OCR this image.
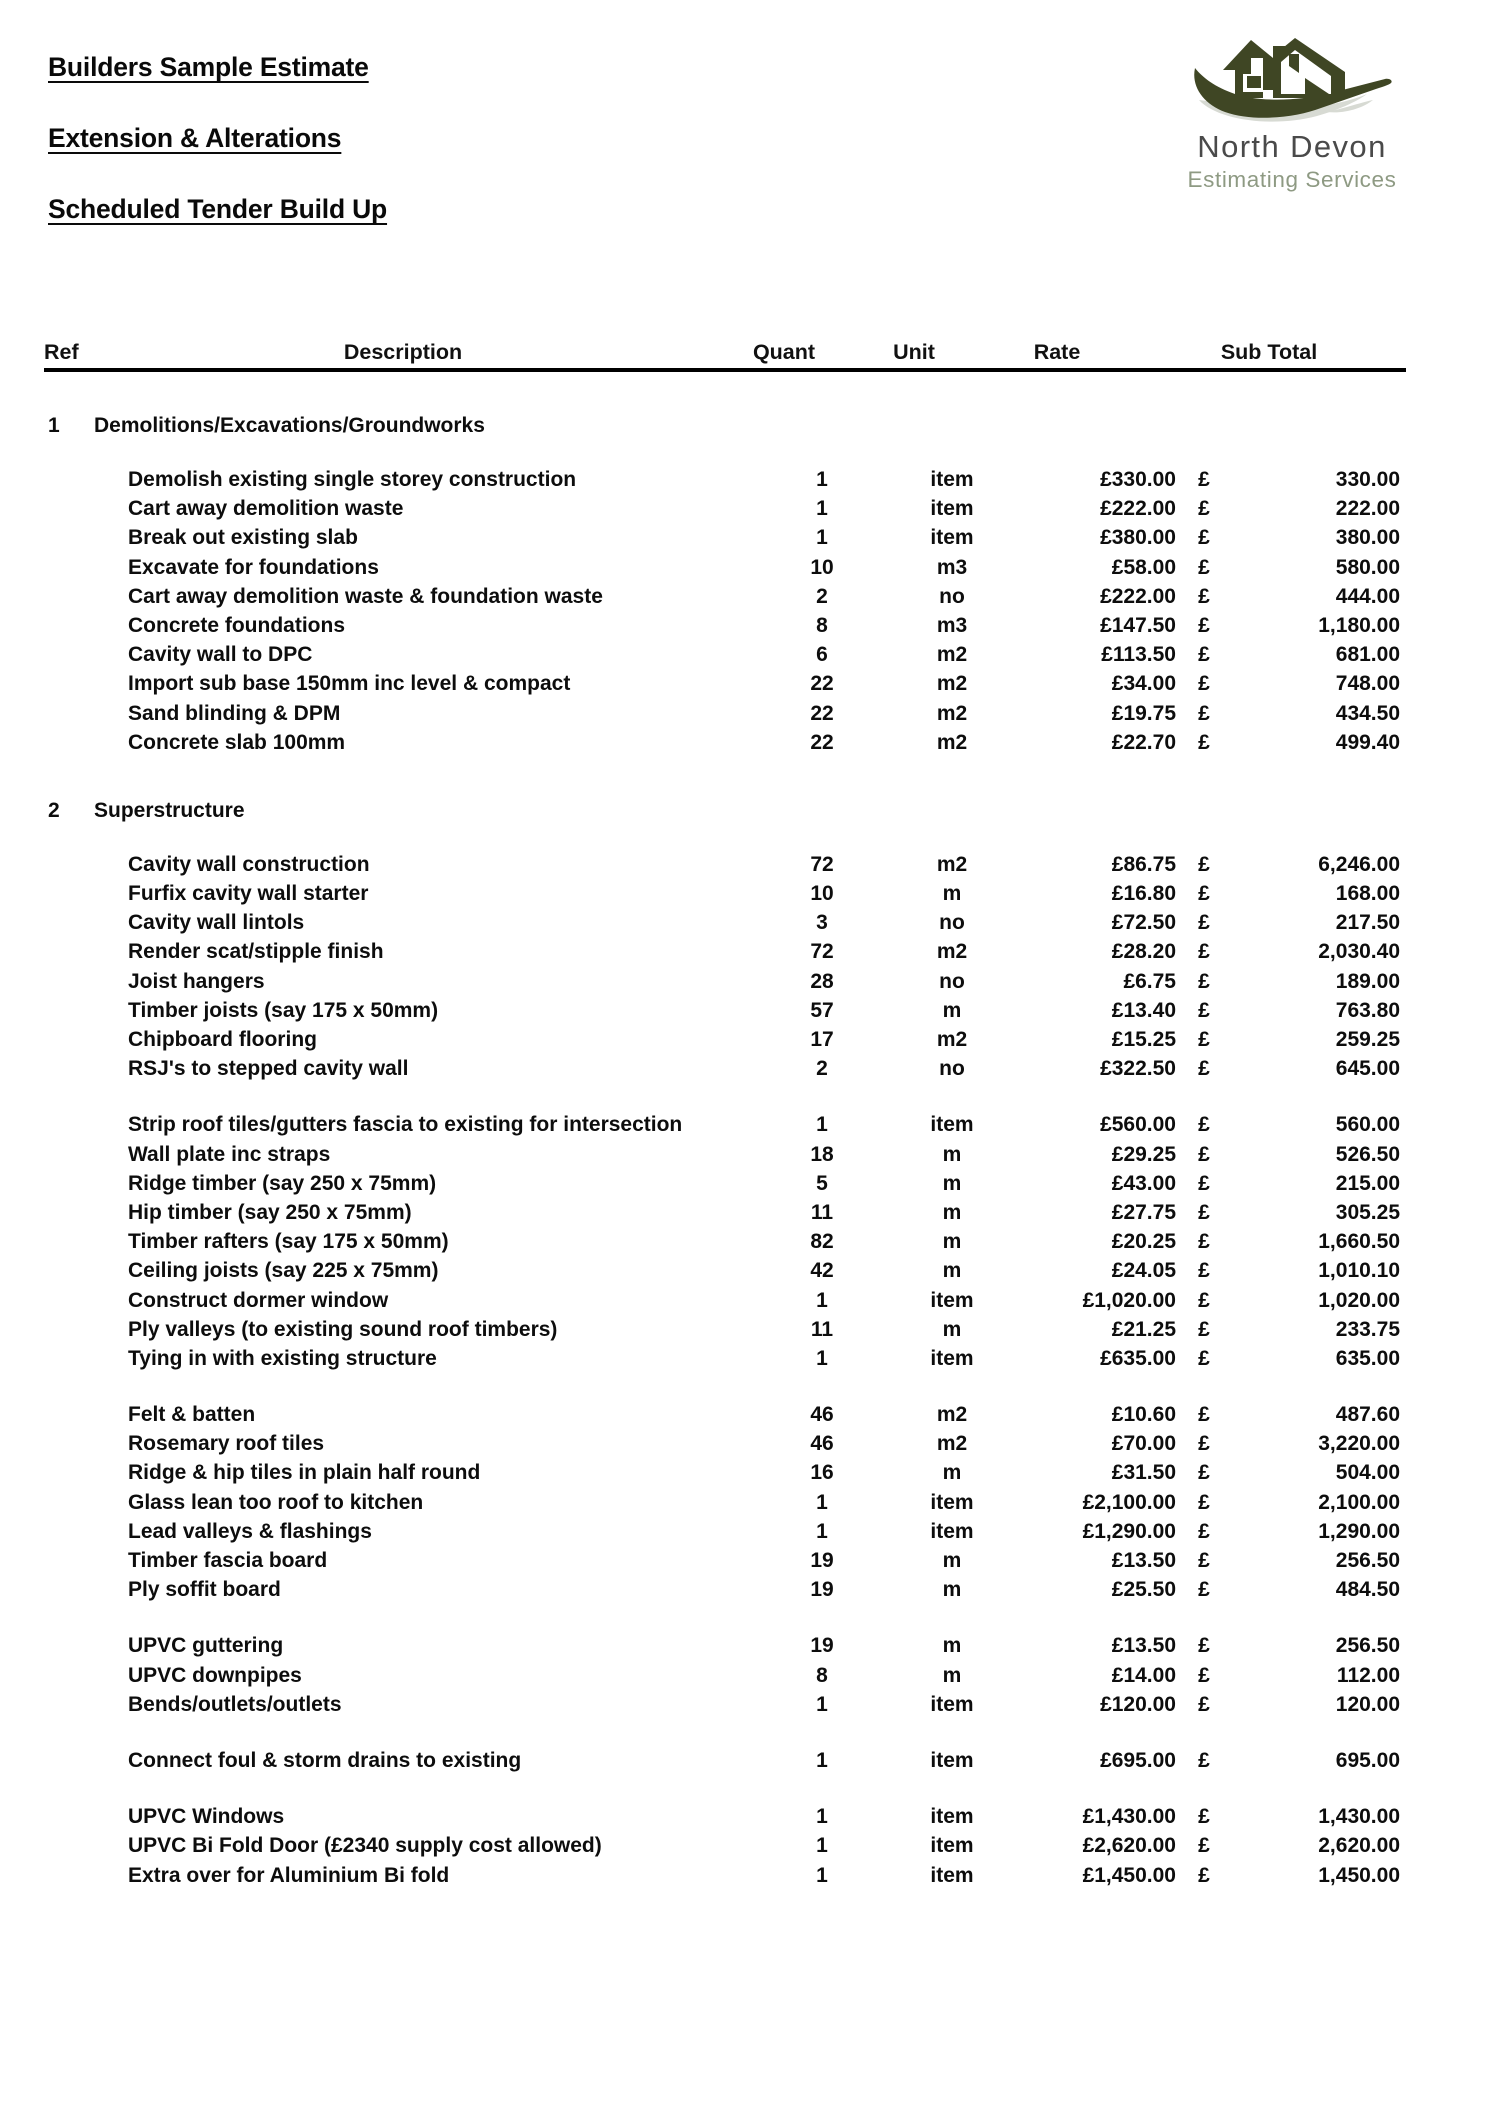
Builders Sample Estimate
Extension & Alterations
Scheduled Tender Build Up
North Devon
Estimating Services
Ref	Description	Quant	Unit	Rate	Sub Total
1	Demolitions/Excavations/Groundworks
Demolish existing single storey construction	1	item	£330.00	£	330.00
Cart away demolition waste	1	item	£222.00	£	222.00
Break out existing slab	1	item	£380.00	£	380.00
Excavate for foundations	10	m3	£58.00	£	580.00
Cart away demolition waste & foundation waste	2	no	£222.00	£	444.00
Concrete foundations	8	m3	£147.50	£	1,180.00
Cavity wall to DPC	6	m2	£113.50	£	681.00
Import sub base 150mm inc level & compact	22	m2	£34.00	£	748.00
Sand blinding & DPM	22	m2	£19.75	£	434.50
Concrete slab 100mm	22	m2	£22.70	£	499.40
2	Superstructure
Cavity wall construction	72	m2	£86.75	£	6,246.00
Furfix cavity wall starter	10	m	£16.80	£	168.00
Cavity wall lintols	3	no	£72.50	£	217.50
Render scat/stipple finish	72	m2	£28.20	£	2,030.40
Joist hangers	28	no	£6.75	£	189.00
Timber joists (say 175 x 50mm)	57	m	£13.40	£	763.80
Chipboard flooring	17	m2	£15.25	£	259.25
RSJ's to stepped cavity wall	2	no	£322.50	£	645.00
Strip roof tiles/gutters fascia to existing for intersection	1	item	£560.00	£	560.00
Wall plate inc straps	18	m	£29.25	£	526.50
Ridge timber (say 250 x 75mm)	5	m	£43.00	£	215.00
Hip timber (say 250 x 75mm)	11	m	£27.75	£	305.25
Timber rafters (say 175 x 50mm)	82	m	£20.25	£	1,660.50
Ceiling joists (say 225 x 75mm)	42	m	£24.05	£	1,010.10
Construct dormer window	1	item	£1,020.00	£	1,020.00
Ply valleys (to existing sound roof timbers)	11	m	£21.25	£	233.75
Tying in with existing structure	1	item	£635.00	£	635.00
Felt & batten	46	m2	£10.60	£	487.60
Rosemary roof tiles	46	m2	£70.00	£	3,220.00
Ridge & hip tiles in plain half round	16	m	£31.50	£	504.00
Glass lean too roof to kitchen	1	item	£2,100.00	£	2,100.00
Lead valleys & flashings	1	item	£1,290.00	£	1,290.00
Timber fascia board	19	m	£13.50	£	256.50
Ply soffit board	19	m	£25.50	£	484.50
UPVC guttering	19	m	£13.50	£	256.50
UPVC downpipes	8	m	£14.00	£	112.00
Bends/outlets/outlets	1	item	£120.00	£	120.00
Connect foul & storm drains to existing	1	item	£695.00	£	695.00
UPVC Windows	1	item	£1,430.00	£	1,430.00
UPVC Bi Fold Door (£2340 supply cost allowed)	1	item	£2,620.00	£	2,620.00
Extra over for Aluminium Bi fold	1	item	£1,450.00	£	1,450.00
